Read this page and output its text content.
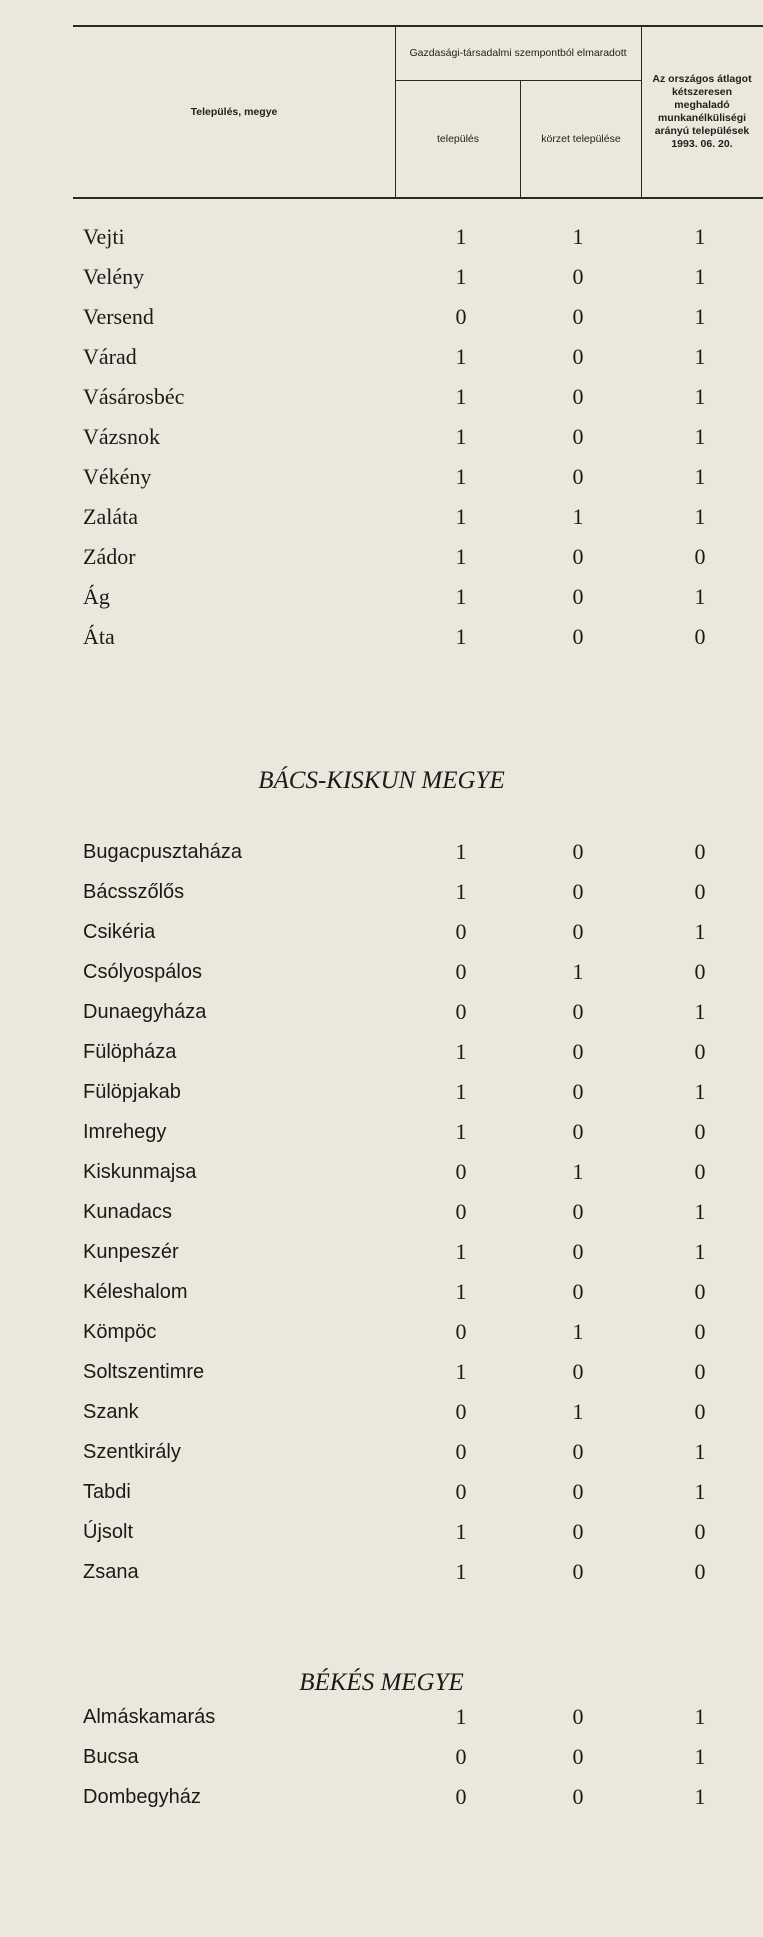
Település, megye
Gazdasági-társadalmi szempontból elmaradott
település	körzet települése
Az országos átlagot kétszeresen meghaladó munkanélküliségi arányú települések 1993. 06. 20.
Vejti	1	1	1
Velény	1	0	1
Versend	0	0	1
Várad	1	0	1
Vásárosbéc	1	0	1
Vázsnok	1	0	1
Vékény	1	0	1
Zaláta	1	1	1
Zádor	1	0	0
Ág	1	0	1
Áta	1	0	0
BÁCS-KISKUN MEGYE
Bugacpusztaháza	1	0	0
Bácsszőlős	1	0	0
Csikéria	0	0	1
Csólyospálos	0	1	0
Dunaegyháza	0	0	1
Fülöpháza	1	0	0
Fülöpjakab	1	0	1
Imrehegy	1	0	0
Kiskunmajsa	0	1	0
Kunadacs	0	0	1
Kunpeszér	1	0	1
Kéleshalom	1	0	0
Kömpöc	0	1	0
Soltszentimre	1	0	0
Szank	0	1	0
Szentkirály	0	0	1
Tabdi	0	0	1
Újsolt	1	0	0
Zsana	1	0	0
BÉKÉS MEGYE
Almáskamarás	1	0	1
Bucsa	0	0	1
Dombegyház	0	0	1
